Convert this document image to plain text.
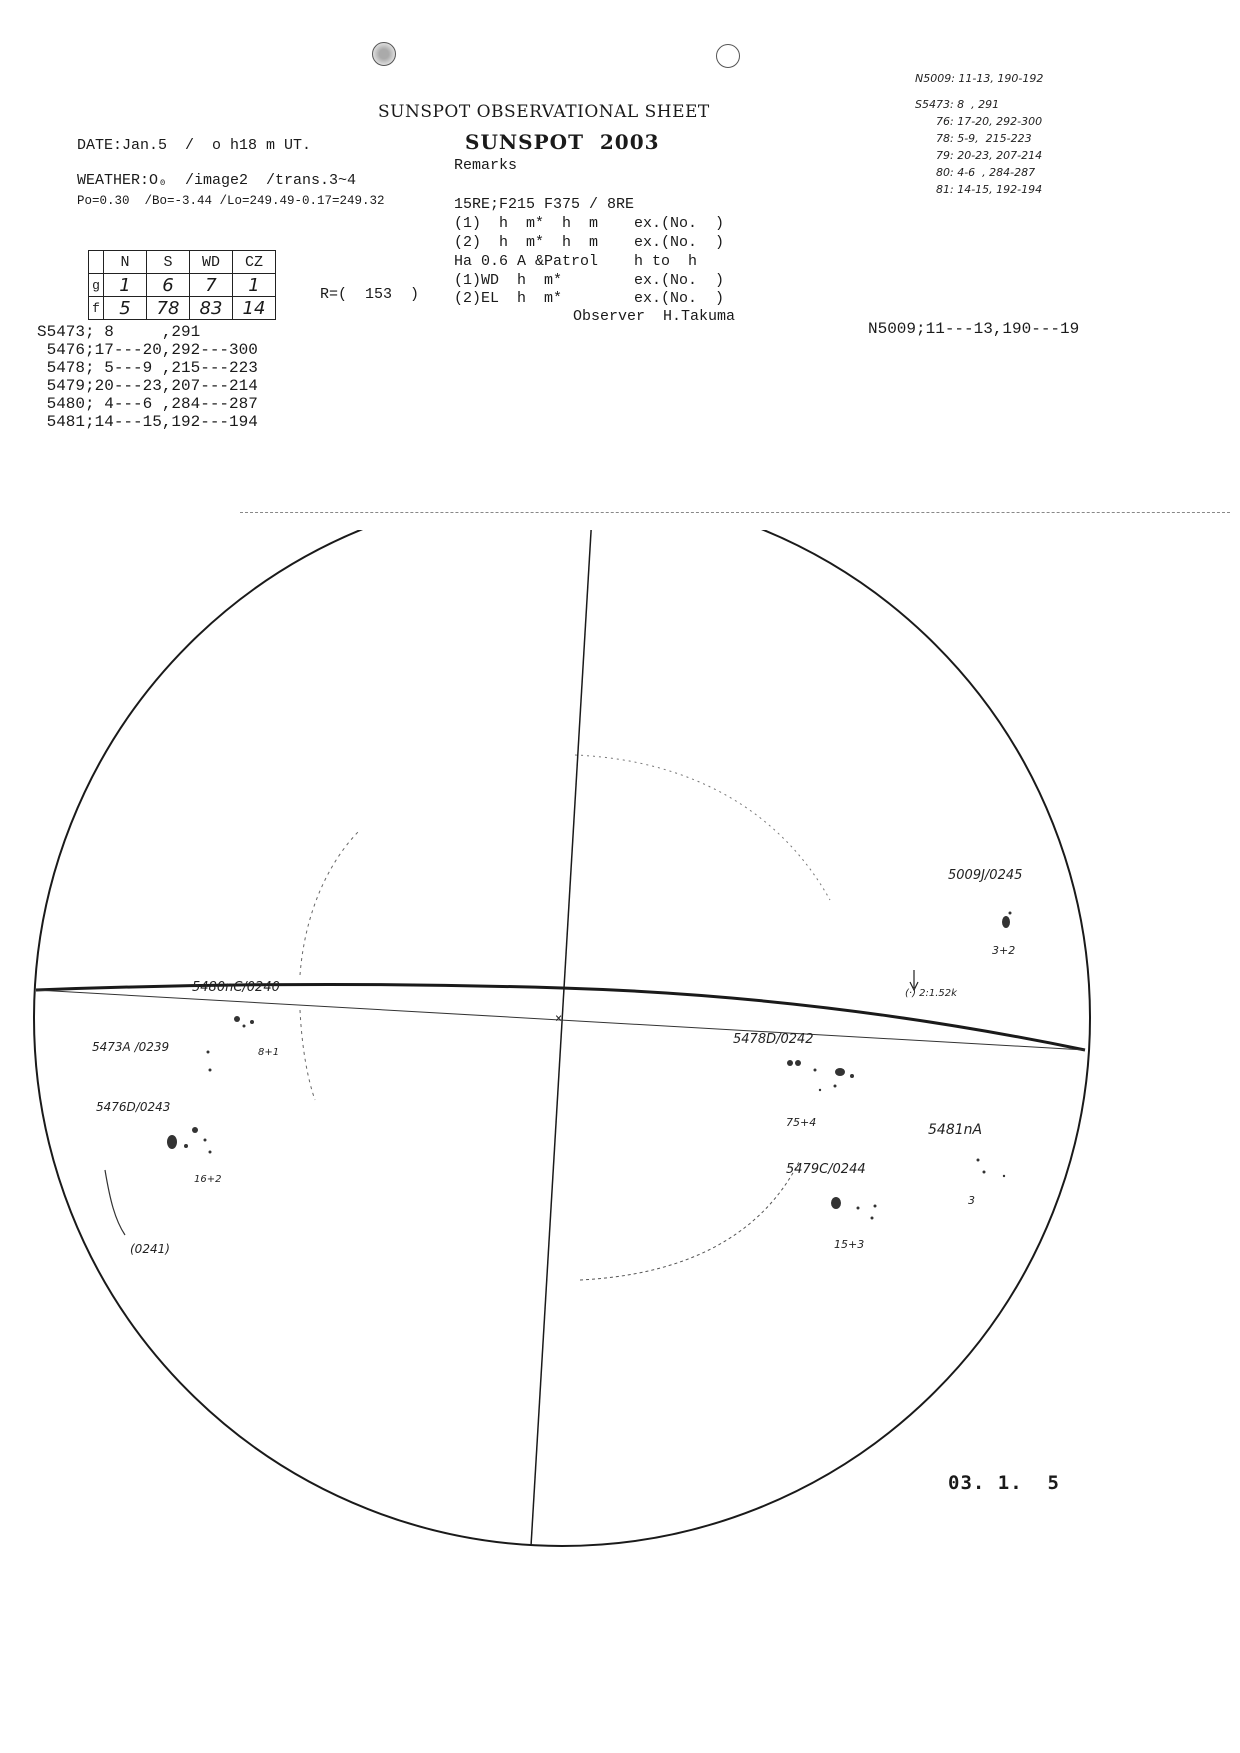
SUNSPOT OBSERVATIONAL SHEET
SUNSPOT  2003
Remarks
DATE:Jan.5  /  o h18 m UT.
WEATHER:O₀  /image2  /trans.3~4
Po=0.30  /Bo=-3.44 /Lo=249.49-0.17=249.32
	N	S	WD	CZ
g	1	6	7	1
f	5	78	83	14
R=(  153  )
15RE;F215 F375 / 8RE
(1)  h  m*  h  m    ex.(No.  )
(2)  h  m*  h  m    ex.(No.  )
Ha 0.6 A &Patrol    h to  h
(1)WD  h  m*        ex.(No.  )
(2)EL  h  m*        ex.(No.  )
Observer  H.Takuma
N5009: 11-13, 190-192
S5473: 8  , 291
76: 17-20, 292-300
78: 5-9,  215-223
79: 20-23, 207-214
80: 4-6  , 284-287
81: 14-15, 192-194
S5473; 8     ,291
5476;17---20,292---300
5478; 5---9 ,215---223
5479;20---23,207---214
5480; 4---6 ,284---287
5481;14---15,192---194
N5009;11---13,190---19
×
5009J/0245
3+2
(·) 2:1.52k
5480nC/0240
8+1
5473A /0239
5476D/0243
16+2
(0241)
5478D/0242
75+4	5481nA
3
5479C/0244
15+3
03. 1.  5
